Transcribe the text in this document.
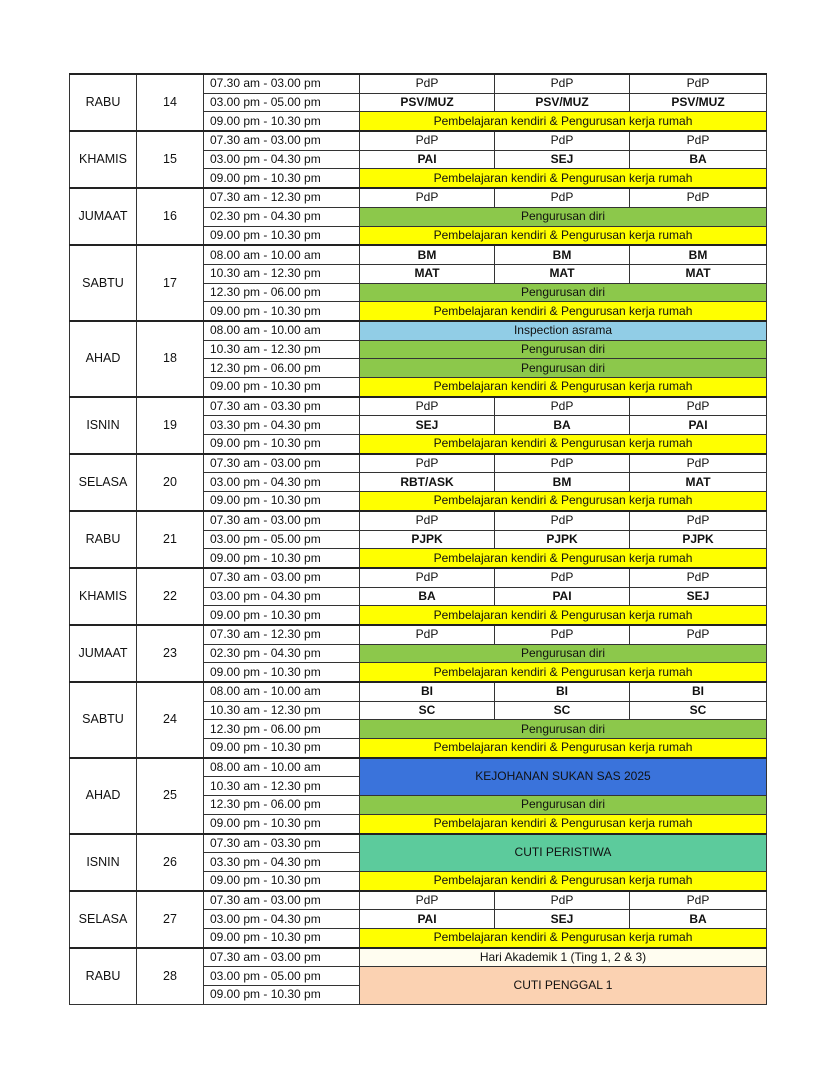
RABU	14	07.30 am - 03.00 pm	PdP	PdP	PdP
		03.00 pm - 05.00 pm	PSV/MUZ	PSV/MUZ	PSV/MUZ
		09.00 pm - 10.30 pm	Pembelajaran kendiri & Pengurusan kerja rumah		
KHAMIS	15	07.30 am - 03.00 pm	PdP	PdP	PdP
		03.00 pm - 04.30 pm	PAI	SEJ	BA
		09.00 pm - 10.30 pm	Pembelajaran kendiri & Pengurusan kerja rumah		
JUMAAT	16	07.30 am - 12.30 pm	PdP	PdP	PdP
		02.30 pm - 04.30 pm	Pengurusan diri		
		09.00 pm - 10.30 pm	Pembelajaran kendiri & Pengurusan kerja rumah		
SABTU	17	08.00 am - 10.00 am	BM	BM	BM
		10.30 am - 12.30 pm	MAT	MAT	MAT
		12.30 pm - 06.00 pm	Pengurusan diri		
		09.00 pm - 10.30 pm	Pembelajaran kendiri & Pengurusan kerja rumah		
AHAD	18	08.00 am - 10.00 am	Inspection asrama		
		10.30 am - 12.30 pm	Pengurusan diri		
		12.30 pm - 06.00 pm	Pengurusan diri		
		09.00 pm - 10.30 pm	Pembelajaran kendiri & Pengurusan kerja rumah		
ISNIN	19	07.30 am - 03.30 pm	PdP	PdP	PdP
		03.30 pm - 04.30 pm	SEJ	BA	PAI
		09.00 pm - 10.30 pm	Pembelajaran kendiri & Pengurusan kerja rumah		
SELASA	20	07.30 am - 03.00 pm	PdP	PdP	PdP
		03.00 pm - 04.30 pm	RBT/ASK	BM	MAT
		09.00 pm - 10.30 pm	Pembelajaran kendiri & Pengurusan kerja rumah		
RABU	21	07.30 am - 03.00 pm	PdP	PdP	PdP
		03.00 pm - 05.00 pm	PJPK	PJPK	PJPK
		09.00 pm - 10.30 pm	Pembelajaran kendiri & Pengurusan kerja rumah		
KHAMIS	22	07.30 am - 03.00 pm	PdP	PdP	PdP
		03.00 pm - 04.30 pm	BA	PAI	SEJ
		09.00 pm - 10.30 pm	Pembelajaran kendiri & Pengurusan kerja rumah		
JUMAAT	23	07.30 am - 12.30 pm	PdP	PdP	PdP
		02.30 pm - 04.30 pm	Pengurusan diri		
		09.00 pm - 10.30 pm	Pembelajaran kendiri & Pengurusan kerja rumah		
SABTU	24	08.00 am - 10.00 am	BI	BI	BI
		10.30 am - 12.30 pm	SC	SC	SC
		12.30 pm - 06.00 pm	Pengurusan diri		
		09.00 pm - 10.30 pm	Pembelajaran kendiri & Pengurusan kerja rumah		
AHAD	25	08.00 am - 10.00 am	KEJOHANAN SUKAN SAS 2025		
		10.30 am - 12.30 pm			
		12.30 pm - 06.00 pm	Pengurusan diri		
		09.00 pm - 10.30 pm	Pembelajaran kendiri & Pengurusan kerja rumah		
ISNIN	26	07.30 am - 03.30 pm	CUTI PERISTIWA		
		03.30 pm - 04.30 pm			
		09.00 pm - 10.30 pm	Pembelajaran kendiri & Pengurusan kerja rumah		
SELASA	27	07.30 am - 03.00 pm	PdP	PdP	PdP
		03.00 pm - 04.30 pm	PAI	SEJ	BA
		09.00 pm - 10.30 pm	Pembelajaran kendiri & Pengurusan kerja rumah		
RABU	28	07.30 am - 03.00 pm	Hari Akademik 1 (Ting 1, 2 & 3)		
		03.00 pm - 05.00 pm	CUTI PENGGAL 1		
		09.00 pm - 10.30 pm			
